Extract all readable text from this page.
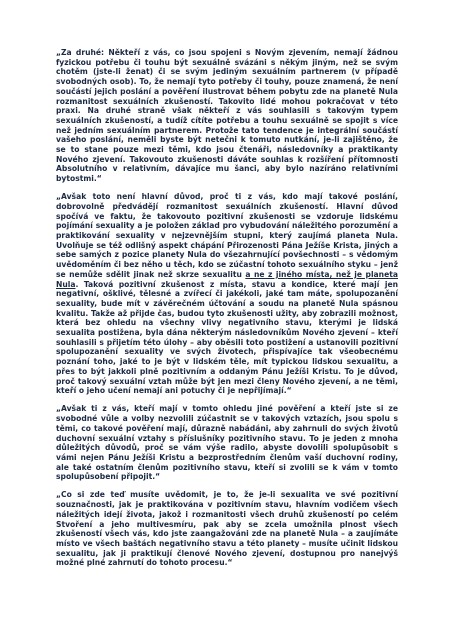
„Za druhé: Někteří z vás, co jsou spojeni s Novým zjevením, nemají žádnou fyzickou potřebu či touhu být sexuálně svázáni s někým jiným, než se svým chotěm (jste-li ženat) či se svým jediným sexuálním partnerem (v případě svobodných osob). To, že nemají tyto potřeby či touhy, pouze znamená, že není součástí jejich poslání a pověření ilustrovat během pobytu zde na planetě Nula rozmanitost sexuálních zkušeností. Takovito lidé mohou pokračovat v této praxi. Na druhé straně však někteří z vás souhlasili s takovým typem sexuálních zkušeností, a tudíž cítíte potřebu a touhu sexuálně se spojit s více než jedním sexuálním partnerem. Protože tato tendence je integrální součástí vašeho poslání, neměli byste být netečni k tomuto nutkání, je-li zajištěno, že se to stane pouze mezi těmi, kdo jsou čtenáři, následovníky a praktikanty Nového zjevení. Takovouto zkušenosti dáváte souhlas k rozšíření přítomnosti Absolutního v relativním, dávajíce mu šanci, aby bylo nazíráno relativními bytostmi.“

„Avšak toto není hlavní důvod, proč ti z vás, kdo mají takové poslání, dobrovolně předvádějí rozmanitost sexuálních zkušeností. Hlavní důvod spočívá ve faktu, že takovouto pozitivní zkušenosti se vzdoruje lidskému pojímání sexuality a je položen základ pro vybudování náležitého porozumění a praktikování sexuality v nejzevnějším stupni, který zaujímá planeta Nula. Uvolňuje se též odlišný aspekt chápání Přirozenosti Pána Ježíše Krista, jiných a sebe samých z pozice planety Nula do všezahrnující povšechnosti – s vědomým uvědoměním či bez něho u těch, kdo se zúčastní tohoto sexuálního styku – jenž se nemůže sdělit jinak než skrze sexualitu a ne z jiného místa, než je planeta Nula. Taková pozitivní zkušenost z místa, stavu a kondice, které mají jen negativní, ošklivé, tělesné a zvířecí či jakékoli, jaké tam máte, spolupozanění sexuality, bude mít v závěrečném účtování a soudu na planetě Nula spásnou kvalitu. Takže až přijde čas, budou tyto zkušenosti užity, aby zobrazili možnost, která bez ohledu na všechny vlivy negativního stavu, kterými je lidská sexualita postižena, byla dána některým následovníkům Nového zjevení – kteří souhlasili s přijetím této úlohy – aby oběsili toto postižení a ustanovili pozitivní spolupozanění sexuality ve svých životech, přispívajíce tak všeobecnému poznání toho, jaké to je být v lidském těle, mít typickou lidskou sexualitu, a přes to být jakkoli plně pozitivním a oddaným Pánu Ježíši Kristu. To je důvod, proč takový sexuální vztah může být jen mezi členy Nového zjevení, a ne těmi, kteří o jeho učení nemají ani potuchy či je nepřijímají.“

„Avšak ti z vás, kteří mají v tomto ohledu jiné pověření a kteří jste si ze svobodné vůle a volby nezvolili zúčastnit se v takových vztazích, jsou spolu s těmi, co takové pověření mají, důrazně nabádáni, aby zahrnuli do svých životů duchovní sexuální vztahy s příslušníky pozitivního stavu. To je jeden z mnoha důležitých důvodů, proč se vám výše radilo, abyste dovolili spolupůsobit s vámi nejen Pánu Ježíši Kristu a bezprostředním členům vaší duchovní rodiny, ale také ostatním členům pozitivního stavu, kteří si zvolili se k vám v tomto spolupůsobení připojit.“

„Co si zde teď musíte uvědomit, je to, že je-li sexualita ve své pozitivní souznačnosti, jak je praktikována v pozitivním stavu, hlavním vodičem všech náležitých idejí života, jakož i rozmanitosti všech druhů zkušeností po celém Stvoření a jeho multivesmíru, pak aby se zcela umožnila plnost všech zkušeností všech vás, kdo jste zaangažováni zde na planetě Nula – a zaujímáte místo ve všech baštách negativního stavu a této planety – musíte učinit lidskou sexualitu, jak ji praktikují členové Nového zjevení, dostupnou pro nanejvýš možné plné zahrnutí do tohoto procesu.“
